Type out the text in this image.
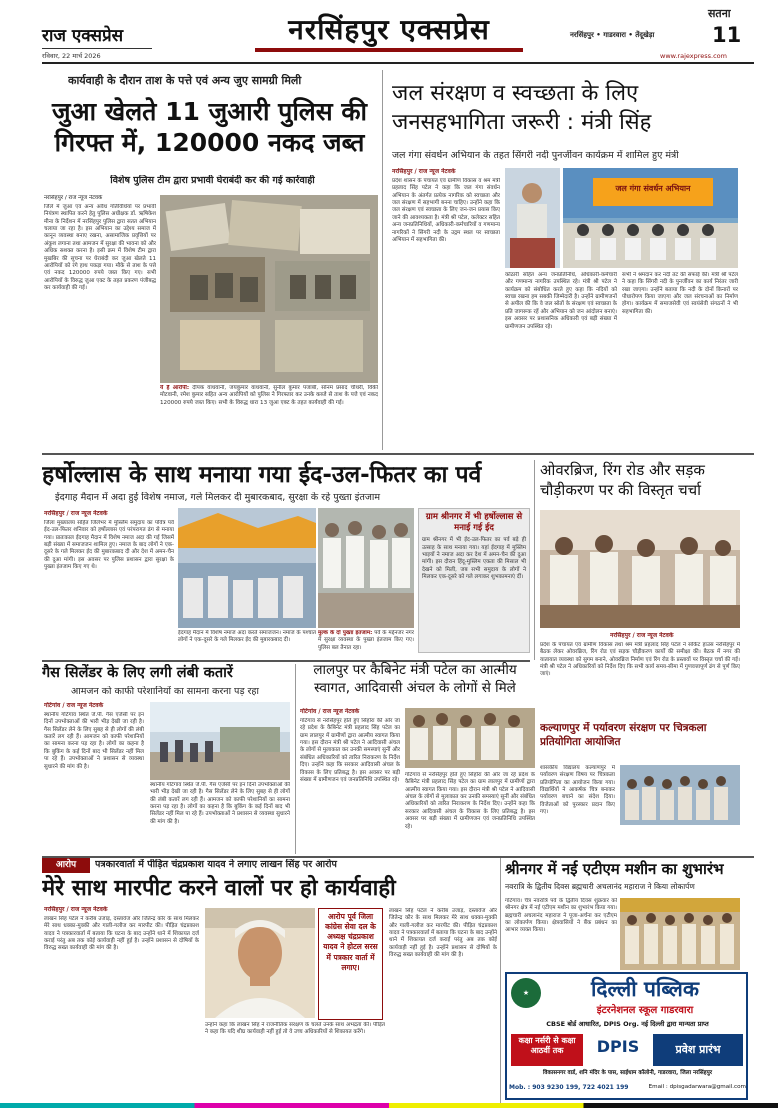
राज एक्सप्रेस
रविवार, 22 मार्च 2026
नरसिंहपुर एक्सप्रेस	सतना
नरसिंहपुर • गाडरवारा • तेंदूखेड़ा	11
www.rajexpress.com
कार्यवाही के दौरान ताश के पत्ते एवं अन्य जुए सामग्री मिली
जुआ खेलते 11 जुआरी पुलिस की गिरफ्त में, 120000 नकद जब्त
विशेष पुलिस टीम द्वारा प्रभावी घेराबंदी कर की गई कार्रवाही
नरसिंहपुर / राज न्यूज नेटवर्क
जिले में जुआ एवं अन्य अवैध गतिविधियों पर प्रभावी नियंत्रण स्थापित करने हेतु पुलिस अधीक्षक डॉ. ऋषिकेश मीना के निर्देशन में नरसिंहपुर पुलिस द्वारा सतत अभियान चलाया जा रहा है। इस अभियान का उद्देश्य समाज में कानून व्यवस्था बनाए रखना, असामाजिक प्रवृत्तियों पर अंकुश लगाना तथा आमजन में सुरक्षा की भावना को और अधिक सशक्त करना है। इसी क्रम में विशेष टीम द्वारा मुखबिर की सूचना पर घेराबंदी कर जुआ खेलते 11 आरोपियों को रंगे हाथ पकड़ा गया। मौके से ताश के पत्ते एवं नकद 120000 रुपये जब्त किए गए। सभी आरोपियों के विरुद्ध जुआ एक्ट के तहत प्रकरण पंजीबद्ध कर कार्यवाही की गई।
ये हैं आरोपी: दीपक वाधवानी, जयकुमार वाधवानी, सुनील कुमार पंजाबी, सोनम प्रसाद चौधरी, विकी मोटवानी, रमेश कुमार सहित अन्य आरोपियों को पुलिस ने गिरफ्तार कर उनके कब्जे से ताश के पत्ते एवं नकद 120000 रुपये जब्त किए। सभी के विरुद्ध धारा 13 जुआ एक्ट के तहत कार्यवाही की गई।
जल संरक्षण व स्वच्छता के लिए जनसहभागिता जरूरी : मंत्री सिंह
जल गंगा संवर्धन अभियान के तहत सिंगरी नदी पुनर्जीवन कार्यक्रम में शामिल हुए मंत्री
नरसिंहपुर / राज न्यूज नेटवर्क
प्रदेश शासन के पंचायत एवं ग्रामीण विकास व श्रम मंत्री प्रहलाद सिंह पटेल ने कहा कि जल गंगा संवर्धन अभियान के अंतर्गत प्रत्येक नागरिक को स्वच्छता और जल संरक्षण में सहभागी बनना चाहिए। उन्होंने कहा कि जल संरक्षण एवं स्वच्छता के लिए जन-जन प्रयास किए जाने की आवश्यकता है। मंत्री श्री पटेल, कलेक्टर सहित अन्य जनप्रतिनिधियों, अधिकारी-कर्मचारियों व गणमान्य नागरिकों ने सिंगरी नदी के उद्गम स्थल पर स्वच्छता अभियान में सहभागिता की।
जल गंगा संवर्धन अभियान
कोठारी सहित अन्य जनप्रतिनिधि, अधिकारी-कर्मचारी और गणमान्य नागरिक उपस्थित रहे। मंत्री श्री पटेल ने कार्यक्रम को संबोधित करते हुए कहा कि नदियों को स्वच्छ रखना हम सबकी जिम्मेदारी है। उन्होंने ग्रामीणजनों से अपील की कि वे जल स्रोतों के संरक्षण एवं स्वच्छता के प्रति जागरूक रहें और अभियान को जन आंदोलन बनाएं। इस अवसर पर प्रशासनिक अधिकारी एवं बड़ी संख्या में ग्रामीणजन उपस्थित रहे।
सभी ने श्रमदान कर नदी तट की सफाई की। मंत्री श्री पटेल ने कहा कि सिंगरी नदी के पुनर्जीवन का कार्य निरंतर जारी रखा जाएगा। उन्होंने बताया कि नदी के दोनों किनारों पर पौधारोपण किया जाएगा और जल संरचनाओं का निर्माण होगा। कार्यक्रम में समाजसेवी एवं स्वयंसेवी संगठनों ने भी सहभागिता की।
हर्षोल्लास के साथ मनाया गया ईद-उल-फितर का पर्व
ईदगाह मैदान में अदा हुई विशेष नमाज, गले मिलकर दी मुबारकबाद, सुरक्षा के रहे पुख्ता इंतजाम
नरसिंहपुर / राज न्यूज नेटवर्क
जिला मुख्यालय सहित जिलेभर में मुस्लिम समुदाय का पवित्र पर्व ईद-उल-फितर शनिवार को हर्षोल्लास एवं परंपरागत ढंग से मनाया गया। प्रातःकाल ईदगाह मैदान में विशेष नमाज अदा की गई जिसमें बड़ी संख्या में समाजजन शामिल हुए। नमाज के बाद लोगों ने एक-दूसरे के गले मिलकर ईद की मुबारकबाद दी और देश में अमन-चैन की दुआ मांगी। इस अवसर पर पुलिस प्रशासन द्वारा सुरक्षा के पुख्ता इंतजाम किए गए थे।
ईदगाह मैदान में विशेष नमाज अदा करते समाजजन। नमाज के पश्चात लोगों ने एक-दूसरे के गले मिलकर ईद की मुबारकबाद दी।
मुल्क के दो पुख्ता इंतजाम: पर्व के मद्देनजर नगर में सुरक्षा व्यवस्था के पुख्ता इंतजाम किए गए। पुलिस बल तैनात रहा।
ग्राम श्रीनगर में भी हर्षोल्लास से मनाई गई ईद
ग्राम श्रीनगर में भी ईद-उल-फितर का पर्व बड़े ही उत्साह के साथ मनाया गया। यहां ईदगाह में मुस्लिम भाइयों ने नमाज अदा कर देश में अमन-चैन की दुआ मांगी। इस दौरान हिंदू-मुस्लिम एकता की मिसाल भी देखने को मिली, जब सभी समुदाय के लोगों ने मिलकर एक-दूसरे को गले लगाकर शुभकामनाएं दीं।
ओवरब्रिज, रिंग रोड और सड़क चौड़ीकरण पर की विस्तृत चर्चा
नरसिंहपुर / राज न्यूज नेटवर्क
प्रदेश के पंचायत एवं ग्रामीण विकास तथा श्रम मंत्री प्रहलाद सिंह पटेल ने सर्किट हाउस नरसिंहपुर में बैठक लेकर ओवरब्रिज, रिंग रोड एवं सड़क चौड़ीकरण कार्यों की समीक्षा की। बैठक में नगर की यातायात व्यवस्था को सुगम बनाने, ओवरब्रिज निर्माण एवं रिंग रोड के प्रस्तावों पर विस्तृत चर्चा की गई। मंत्री श्री पटेल ने अधिकारियों को निर्देश दिए कि सभी कार्य समय-सीमा में गुणवत्तापूर्ण ढंग से पूर्ण किए जाएं।
गैस सिलेंडर के लिए लगी लंबी कतारें
आमजन को काफी परेशानियों का सामना करना पड़ रहा
गोटेगांव / राज न्यूज नेटवर्क
स्थानीय गोटेगांव स्थित जे.पी. गैस एजेंसी पर इन दिनों उपभोक्ताओं की भारी भीड़ देखी जा रही है। गैस सिलेंडर लेने के लिए सुबह से ही लोगों की लंबी कतारें लग रही हैं। आमजन को काफी परेशानियों का सामना करना पड़ रहा है। लोगों का कहना है कि बुकिंग के कई दिनों बाद भी सिलेंडर नहीं मिल पा रहे हैं। उपभोक्ताओं ने प्रशासन से व्यवस्था सुधारने की मांग की है।
स्थानीय गोटेगांव स्थित जे.पी. गैस एजेंसी पर इन दिनों उपभोक्ताओं की भारी भीड़ देखी जा रही है। गैस सिलेंडर लेने के लिए सुबह से ही लोगों की लंबी कतारें लग रही हैं। आमजन को काफी परेशानियों का सामना करना पड़ रहा है। लोगों का कहना है कि बुकिंग के कई दिनों बाद भी सिलेंडर नहीं मिल पा रहे हैं। उपभोक्ताओं ने प्रशासन से व्यवस्था सुधारने की मांग की है।
लालपुर पर कैबिनेट मंत्री पटेल का आत्मीय स्वागत, आदिवासी अंचल के लोगों से मिले
गोटेगांव / राज न्यूज नेटवर्क
गोटेगांव से नरसिंहपुर होते हुए सिहोरा की ओर जा रहे प्रदेश के कैबिनेट मंत्री प्रहलाद सिंह पटेल का ग्राम लालपुर में ग्रामीणों द्वारा आत्मीय स्वागत किया गया। इस दौरान मंत्री श्री पटेल ने आदिवासी अंचल के लोगों से मुलाकात कर उनकी समस्याएं सुनीं और संबंधित अधिकारियों को त्वरित निराकरण के निर्देश दिए। उन्होंने कहा कि सरकार आदिवासी अंचल के विकास के लिए प्रतिबद्ध है। इस अवसर पर बड़ी संख्या में ग्रामीणजन एवं जनप्रतिनिधि उपस्थित रहे।
गोटेगांव से नरसिंहपुर होते हुए सिहोरा की ओर जा रहे प्रदेश के कैबिनेट मंत्री प्रहलाद सिंह पटेल का ग्राम लालपुर में ग्रामीणों द्वारा आत्मीय स्वागत किया गया। इस दौरान मंत्री श्री पटेल ने आदिवासी अंचल के लोगों से मुलाकात कर उनकी समस्याएं सुनीं और संबंधित अधिकारियों को त्वरित निराकरण के निर्देश दिए। उन्होंने कहा कि सरकार आदिवासी अंचल के विकास के लिए प्रतिबद्ध है। इस अवसर पर बड़ी संख्या में ग्रामीणजन एवं जनप्रतिनिधि उपस्थित रहे।
कल्याणपुर में पर्यावरण संरक्षण पर चित्रकला प्रतियोगिता आयोजित
शासकीय विद्यालय कल्याणपुर में पर्यावरण संरक्षण विषय पर चित्रकला प्रतियोगिता का आयोजन किया गया। विद्यार्थियों ने आकर्षक चित्र बनाकर पर्यावरण बचाने का संदेश दिया। विजेताओं को पुरस्कार प्रदान किए गए।
आरोप	पत्रकारवार्ता में पीड़ित चंद्रप्रकाश यादव ने लगाए लाखन सिंह पर आरोप
मेरे साथ मारपीट करने वालों पर हो कार्यवाही
नरसिंहपुर / राज न्यूज नेटवर्क
लाखन सिंह पटेल ने करीब उजाड़, दस्तावेज और जितेन्द्र कौर के साथ मिलकर मेरे साथ धक्का-मुक्की और गाली-गलौज कर मारपीट की। पीड़ित चंद्रप्रकाश यादव ने पत्रकारवार्ता में बताया कि घटना के बाद उन्होंने थाने में शिकायत दर्ज कराई परंतु अब तक कोई कार्यवाही नहीं हुई है। उन्होंने प्रशासन से दोषियों के विरुद्ध सख्त कार्यवाही की मांग की है।
आरोप पूर्व जिला कांग्रेस सेवा दल के अध्यक्ष चंद्रप्रकाश यादव ने होटल सरस में पत्रकार वार्ता में लगाए।
उन्होंने कहा कि लाखन सिंह ने राजनीतिक संरक्षण के चलते उनके साथ अभद्रता की। पीड़ित ने कहा कि यदि शीघ्र कार्यवाही नहीं हुई तो वे उच्च अधिकारियों से शिकायत करेंगे।
लाखन सिंह पटेल ने करीब उजाड़, दस्तावेज और जितेन्द्र कौर के साथ मिलकर मेरे साथ धक्का-मुक्की और गाली-गलौज कर मारपीट की। पीड़ित चंद्रप्रकाश यादव ने पत्रकारवार्ता में बताया कि घटना के बाद उन्होंने थाने में शिकायत दर्ज कराई परंतु अब तक कोई कार्यवाही नहीं हुई है। उन्होंने प्रशासन से दोषियों के विरुद्ध सख्त कार्यवाही की मांग की है।
श्रीनगर में नई एटीएम मशीन का शुभारंभ
नवरात्रि के द्वितीय दिवस ब्रह्मचारी अचलानंद महाराज ने किया लोकार्पण
गोटेगांव। चैत्र नवरात्रि पर्व के द्वितीय दिवस शुक्रवार को श्रीनगर क्षेत्र में नई एटीएम मशीन का शुभारंभ किया गया। ब्रह्मचारी अचलानंद महाराज ने पूजा-अर्चना कर एटीएम का लोकार्पण किया। क्षेत्रवासियों ने बैंक प्रबंधन का आभार व्यक्त किया।
★	दिल्ली पब्लिक
इंटरनेशनल स्कूल गाडरवारा
CBSE बोर्ड आधारित, DPIS Org. नई दिल्ली द्वारा मान्यता प्राप्त
कक्षा नर्सरी से कक्षा आठवीं तक	DPIS	प्रवेश प्रारंभ
विकासनगर वार्ड, शनि मंदिर के पास, साईधाम कॉलोनी, गाडरवारा, जिला नरसिंहपुर
Mob. : 903 9230 199, 722 4021 199	Email : dpisgadarwara@gmail.com
